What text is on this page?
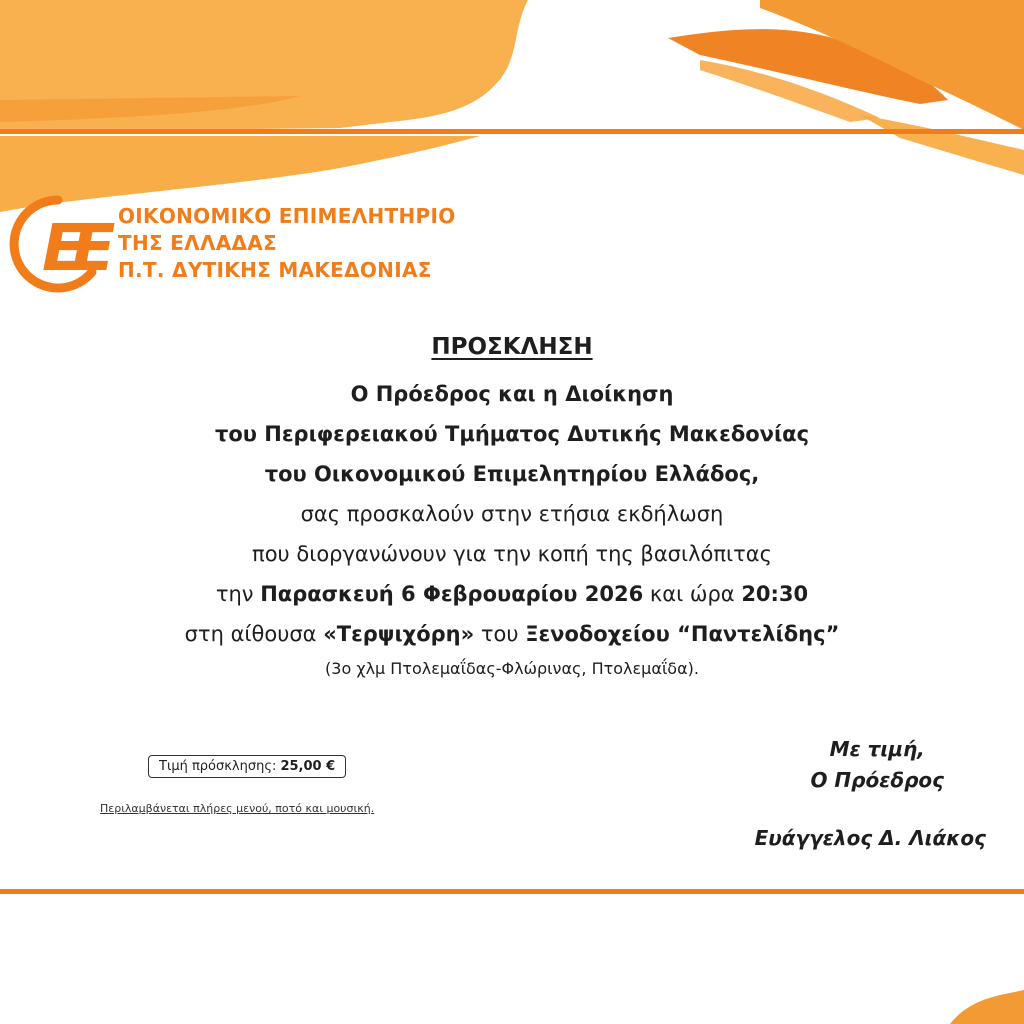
EE ΟΙΚΟΝΟΜΙΚΟ ΕΠΙΜΕΛΗΤΗΡΙΟ
ΤΗΣ ΕΛΛΑΔΑΣ
Π.Τ. ΔΥΤΙΚΗΣ ΜΑΚΕΔΟΝΙΑΣ
ΠΡΟΣΚΛΗΣΗ
Ο Πρόεδρος και η Διοίκηση
του Περιφερειακού Τμήματος Δυτικής Μακεδονίας
του Οικονομικού Επιμελητηρίου Ελλάδος,
σας προσκαλούν στην ετήσια εκδήλωση
που διοργανώνουν για την κοπή της βασιλόπιτας
την Παρασκευή 6 Φεβρουαρίου 2026 και ώρα 20:30
στη αίθουσα «Τερψιχόρη» του Ξενοδοχείου “Παντελίδης”
(3ο χλμ Πτολεμαΐδας-Φλώρινας, Πτολεμαΐδα).
Τιμή πρόσκλησης: 25,00 €
Περιλαμβάνεται πλήρες μενού, ποτό και μουσική.
Με τιμή,
Ο Πρόεδρος
Ευάγγελος Δ. Λιάκος
